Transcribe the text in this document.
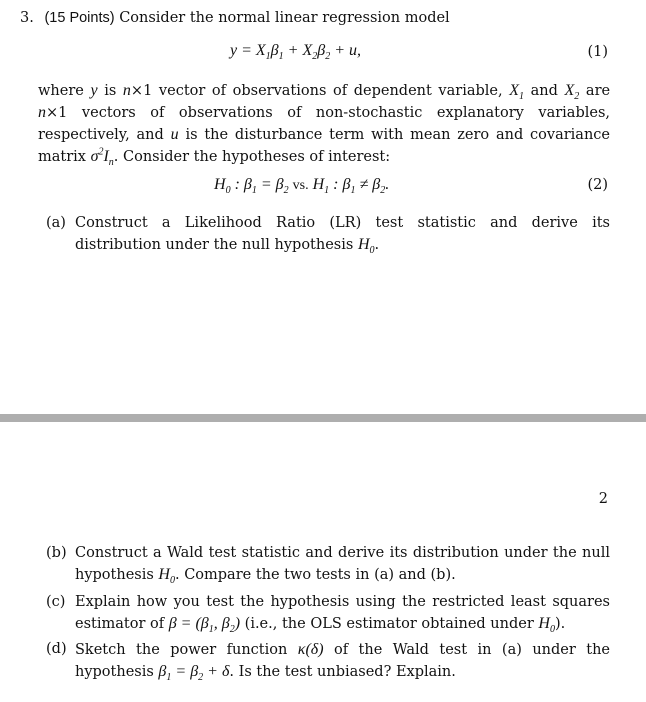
3. (15 Points) Consider the normal linear regression model
$y = X_1\beta_1 + X_2\beta_2 + u$,	(1)
where y is n×1 vector of observations of dependent variable, $X_1$ and $X_2$ are n×1 vectors of observations of non-stochastic explanatory variables, respectively, and u is the disturbance term with mean zero and covariance matrix $\sigma^2I_n$. Consider the hypotheses of interest:
$H_0$ : $\beta_1 = \beta_2$ vs. $H_1$ : $\beta_1 \ne \beta_2$.	(2)
(a) Construct a Likelihood Ratio (LR) test statistic and derive its distribution under the null hypothesis $H_0$.
2
(b) Construct a Wald test statistic and derive its distribution under the null hypothesis $H_0$. Compare the two tests in (a) and (b).
(c) Explain how you test the hypothesis using the restricted least squares estimator of $\beta = (\beta_1$, $\beta_2$) (i.e., the OLS estimator obtained under $H_0$).
(d) Sketch the power function κ(δ) of the Wald test in (a) under the hypothesis $\beta_1 = \beta_2 + \delta$. Is the test unbiased? Explain.
